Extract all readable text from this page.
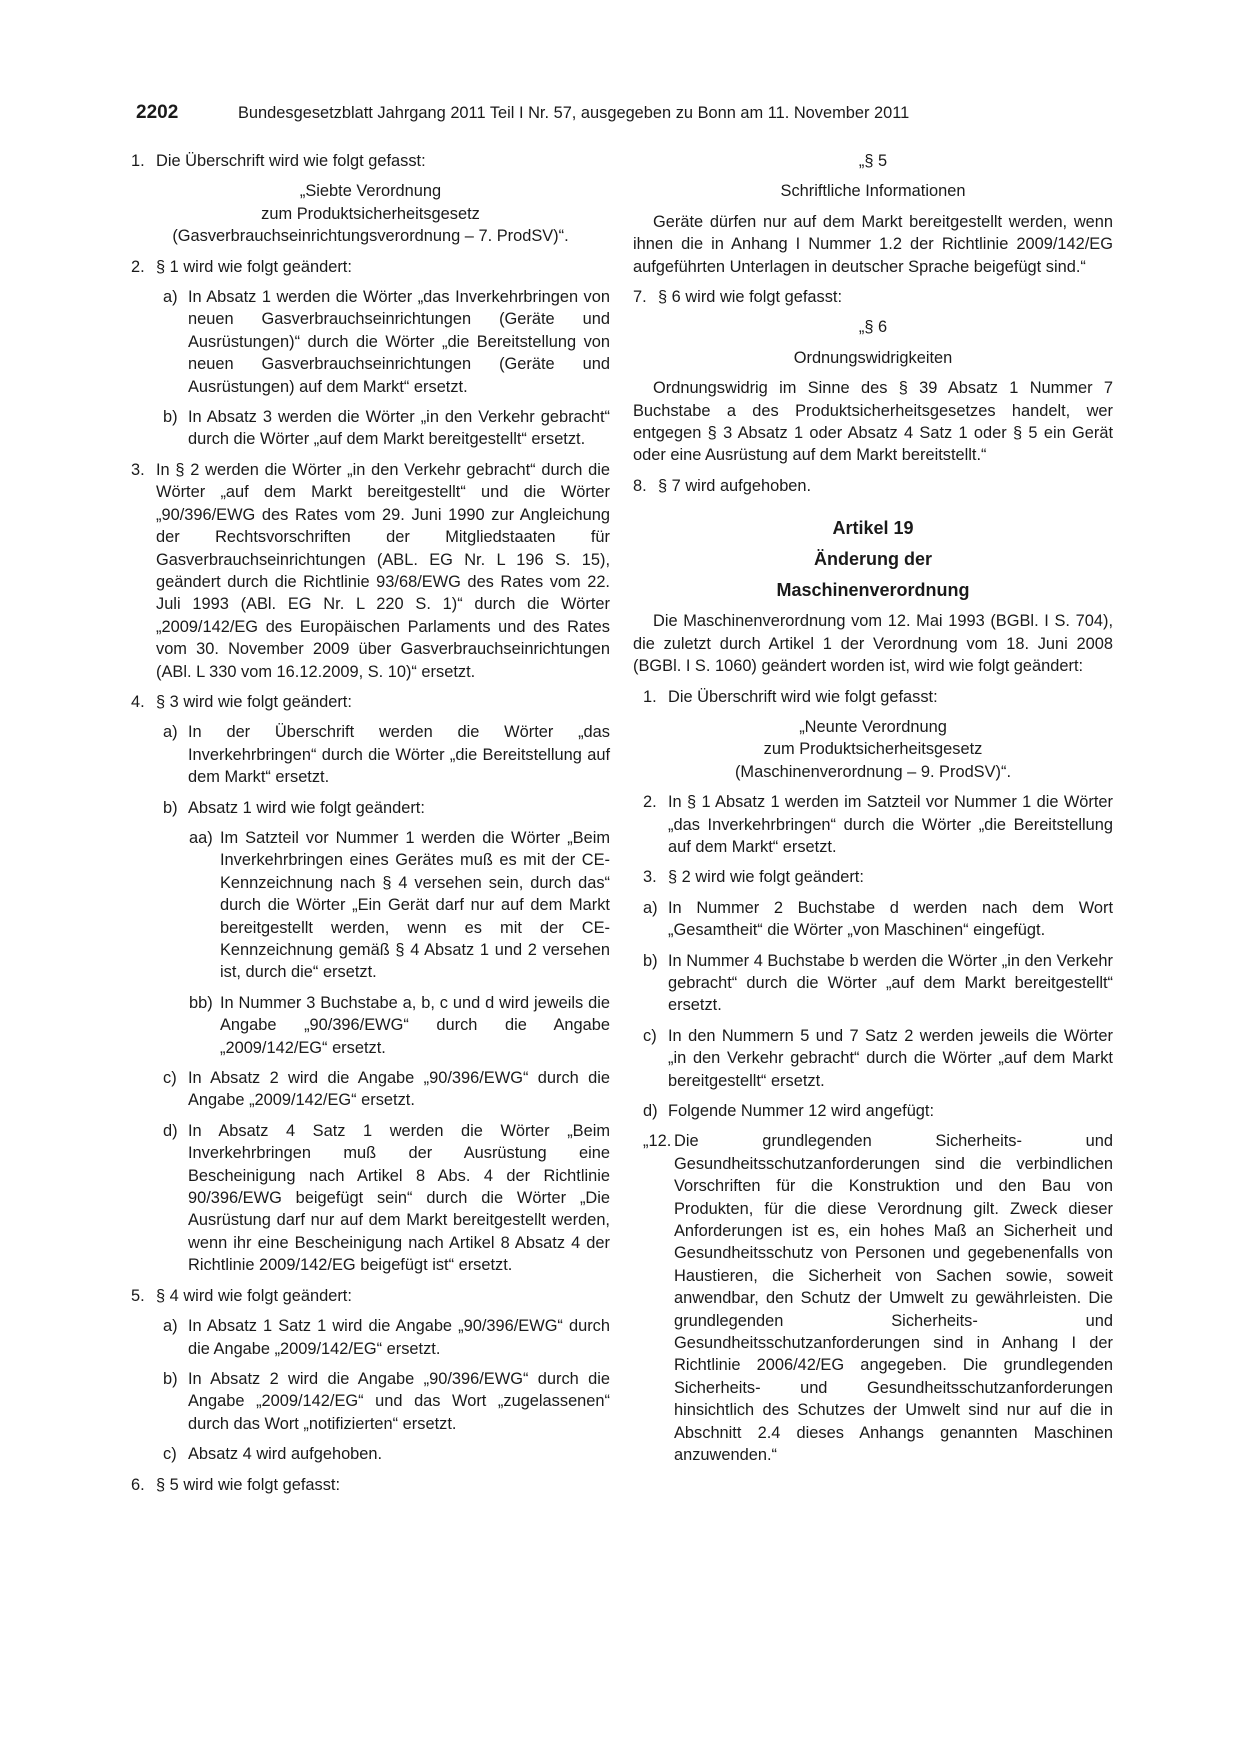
2202	Bundesgesetzblatt Jahrgang 2011 Teil I Nr. 57, ausgegeben zu Bonn am 11. November 2011
1. Die Überschrift wird wie folgt gefasst:

„Siebte Verordnung
zum Produktsicherheitsgesetz
(Gasverbrauchseinrichtungsverordnung – 7. ProdSV)“.

2. § 1 wird wie folgt geändert:

a) In Absatz 1 werden die Wörter „das Inverkehrbringen von neuen Gasverbrauchseinrichtungen (Geräte und Ausrüstungen)“ durch die Wörter „die Bereitstellung von neuen Gasverbrauchseinrichtungen (Geräte und Ausrüstungen) auf dem Markt“ ersetzt.

b) In Absatz 3 werden die Wörter „in den Verkehr gebracht“ durch die Wörter „auf dem Markt bereitgestellt“ ersetzt.

3. In § 2 werden die Wörter „in den Verkehr gebracht“ durch die Wörter „auf dem Markt bereitgestellt“ und die Wörter „90/396/EWG des Rates vom 29. Juni 1990 zur Angleichung der Rechtsvorschriften der Mitgliedstaaten für Gasverbrauchseinrichtungen (ABL. EG Nr. L 196 S. 15), geändert durch die Richtlinie 93/68/EWG des Rates vom 22. Juli 1993 (ABl. EG Nr. L 220 S. 1)“ durch die Wörter „2009/142/EG des Europäischen Parlaments und des Rates vom 30. November 2009 über Gasverbrauchseinrichtungen (ABl. L 330 vom 16.12.2009, S. 10)“ ersetzt.

4. § 3 wird wie folgt geändert:

a) In der Überschrift werden die Wörter „das Inverkehrbringen“ durch die Wörter „die Bereitstellung auf dem Markt“ ersetzt.

b) Absatz 1 wird wie folgt geändert:

aa) Im Satzteil vor Nummer 1 werden die Wörter „Beim Inverkehrbringen eines Gerätes muß es mit der CE-Kennzeichnung nach § 4 versehen sein, durch das“ durch die Wörter „Ein Gerät darf nur auf dem Markt bereitgestellt werden, wenn es mit der CE-Kennzeichnung gemäß § 4 Absatz 1 und 2 versehen ist, durch die“ ersetzt.

bb) In Nummer 3 Buchstabe a, b, c und d wird jeweils die Angabe „90/396/EWG“ durch die Angabe „2009/142/EG“ ersetzt.

c) In Absatz 2 wird die Angabe „90/396/EWG“ durch die Angabe „2009/142/EG“ ersetzt.

d) In Absatz 4 Satz 1 werden die Wörter „Beim Inverkehrbringen muß der Ausrüstung eine Bescheinigung nach Artikel 8 Abs. 4 der Richtlinie 90/396/EWG beigefügt sein“ durch die Wörter „Die Ausrüstung darf nur auf dem Markt bereitgestellt werden, wenn ihr eine Bescheinigung nach Artikel 8 Absatz 4 der Richtlinie 2009/142/EG beigefügt ist“ ersetzt.

5. § 4 wird wie folgt geändert:

a) In Absatz 1 Satz 1 wird die Angabe „90/396/EWG“ durch die Angabe „2009/142/EG“ ersetzt.

b) In Absatz 2 wird die Angabe „90/396/EWG“ durch die Angabe „2009/142/EG“ und das Wort „zugelassenen“ durch das Wort „notifizierten“ ersetzt.

c) Absatz 4 wird aufgehoben.

6. § 5 wird wie folgt gefasst:

„§ 5

Schriftliche Informationen

Geräte dürfen nur auf dem Markt bereitgestellt werden, wenn ihnen die in Anhang I Nummer 1.2 der Richtlinie 2009/142/EG aufgeführten Unterlagen in deutscher Sprache beigefügt sind.“

7. § 6 wird wie folgt gefasst:

„§ 6

Ordnungswidrigkeiten

Ordnungswidrig im Sinne des § 39 Absatz 1 Nummer 7 Buchstabe a des Produktsicherheitsgesetzes handelt, wer entgegen § 3 Absatz 1 oder Absatz 4 Satz 1 oder § 5 ein Gerät oder eine Ausrüstung auf dem Markt bereitstellt.“

8. § 7 wird aufgehoben.

Artikel 19

Änderung der

Maschinenverordnung

Die Maschinenverordnung vom 12. Mai 1993 (BGBl. I S. 704), die zuletzt durch Artikel 1 der Verordnung vom 18. Juni 2008 (BGBl. I S. 1060) geändert worden ist, wird wie folgt geändert:

1. Die Überschrift wird wie folgt gefasst:

„Neunte Verordnung
zum Produktsicherheitsgesetz
(Maschinenverordnung – 9. ProdSV)“.

2. In § 1 Absatz 1 werden im Satzteil vor Nummer 1 die Wörter „das Inverkehrbringen“ durch die Wörter „die Bereitstellung auf dem Markt“ ersetzt.

3. § 2 wird wie folgt geändert:

a) In Nummer 2 Buchstabe d werden nach dem Wort „Gesamtheit“ die Wörter „von Maschinen“ eingefügt.

b) In Nummer 4 Buchstabe b werden die Wörter „in den Verkehr gebracht“ durch die Wörter „auf dem Markt bereitgestellt“ ersetzt.

c) In den Nummern 5 und 7 Satz 2 werden jeweils die Wörter „in den Verkehr gebracht“ durch die Wörter „auf dem Markt bereitgestellt“ ersetzt.

d) Folgende Nummer 12 wird angefügt:

„12. Die grundlegenden Sicherheits- und Gesundheitsschutzanforderungen sind die verbindlichen Vorschriften für die Konstruktion und den Bau von Produkten, für die diese Verordnung gilt. Zweck dieser Anforderungen ist es, ein hohes Maß an Sicherheit und Gesundheitsschutz von Personen und gegebenenfalls von Haustieren, die Sicherheit von Sachen sowie, soweit anwendbar, den Schutz der Umwelt zu gewährleisten. Die grundlegenden Sicherheits- und Gesundheitsschutzanforderungen sind in Anhang I der Richtlinie 2006/42/EG angegeben. Die grundlegenden Sicherheits- und Gesundheitsschutzanforderungen hinsichtlich des Schutzes der Umwelt sind nur auf die in Abschnitt 2.4 dieses Anhangs genannten Maschinen anzuwenden.“
